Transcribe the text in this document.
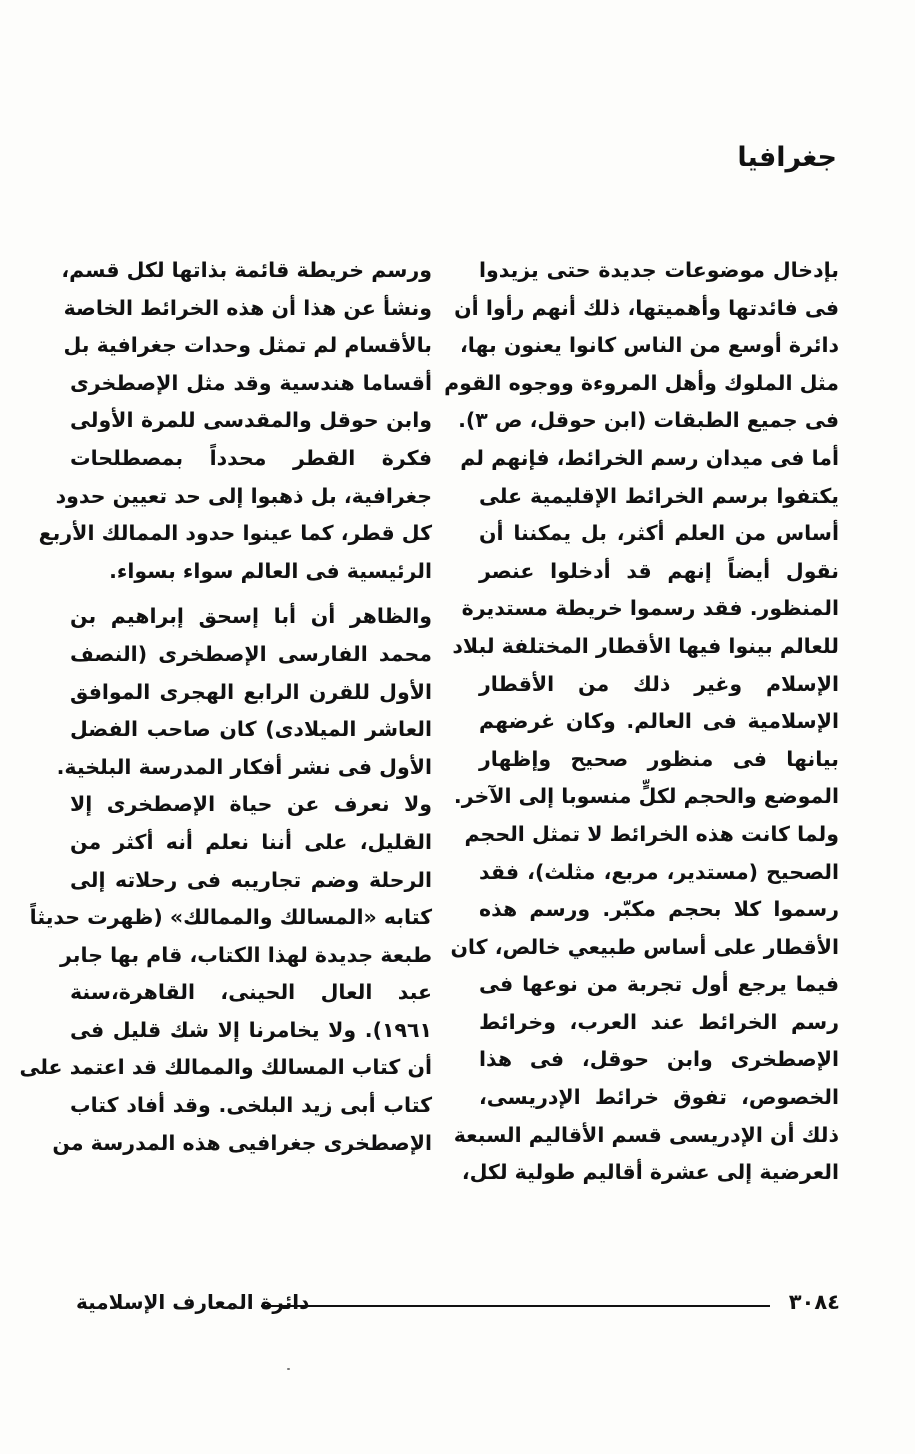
جغرافيا
بإدخال موضوعات جديدة حتى يزيدوا
فى فائدتها وأهميتها، ذلك أنهم رأوا أن
دائرة أوسع من الناس كانوا يعنون بها،
مثل الملوك وأهل المروءة ووجوه القوم
فى جميع الطبقات (ابن حوقل، ص ٣).
أما فى ميدان رسم الخرائط، فإنهم لم
يكتفوا برسم الخرائط الإقليمية على
أساس من العلم أكثر، بل يمكننا أن
نقول أيضاً إنهم قد أدخلوا عنصر
المنظور. فقد رسموا خريطة مستديرة
للعالم بينوا فيها الأقطار المختلفة لبلاد
الإسلام وغير ذلك من الأقطار
الإسلامية فى العالم. وكان غرضهم
بيانها فى منظور صحيح وإظهار
الموضع والحجم لكلٍّ منسوبا إلى الآخر.
ولما كانت هذه الخرائط لا تمثل الحجم
الصحيح (مستدير، مربع، مثلث)، فقد
رسموا كلا بحجم مكبّر. ورسم هذه
الأقطار على أساس طبيعي خالص، كان
فيما يرجع أول تجربة من نوعها فى
رسم الخرائط عند العرب، وخرائط
الإصطخرى وابن حوقل، فى هذا
الخصوص، تفوق خرائط الإدريسى،
ذلك أن الإدريسى قسم الأقاليم السبعة
العرضية إلى عشرة أقاليم طولية لكل،
ورسم خريطة قائمة بذاتها لكل قسم،
ونشأ عن هذا أن هذه الخرائط الخاصة
بالأقسام لم تمثل وحدات جغرافية بل
أقساما هندسية وقد مثل الإصطخرى
وابن حوقل والمقدسى للمرة الأولى
فكرة القطر محدداً بمصطلحات
جغرافية، بل ذهبوا إلى حد تعيين حدود
كل قطر، كما عينوا حدود الممالك الأربع
الرئيسية فى العالم سواء بسواء.
والظاهر أن أبا إسحق إبراهيم بن
محمد الفارسى الإصطخرى (النصف
الأول للقرن الرابع الهجرى الموافق
العاشر الميلادى) كان صاحب الفضل
الأول فى نشر أفكار المدرسة البلخية.
ولا نعرف عن حياة الإصطخرى إلا
القليل، على أننا نعلم أنه أكثر من
الرحلة وضم تجاريبه فى رحلاته إلى
كتابه «المسالك والممالك» (ظهرت حديثاً
طبعة جديدة لهذا الكتاب، قام بها جابر
عبد العال الحينى، القاهرة،سنة
١٩٦١). ولا يخامرنا إلا شك قليل فى
أن كتاب المسالك والممالك قد اعتمد على
كتاب أبى زيد البلخى. وقد أفاد كتاب
الإصطخرى جغرافيى هذه المدرسة من
٣٠٨٤
دائرة المعارف الإسلامية
